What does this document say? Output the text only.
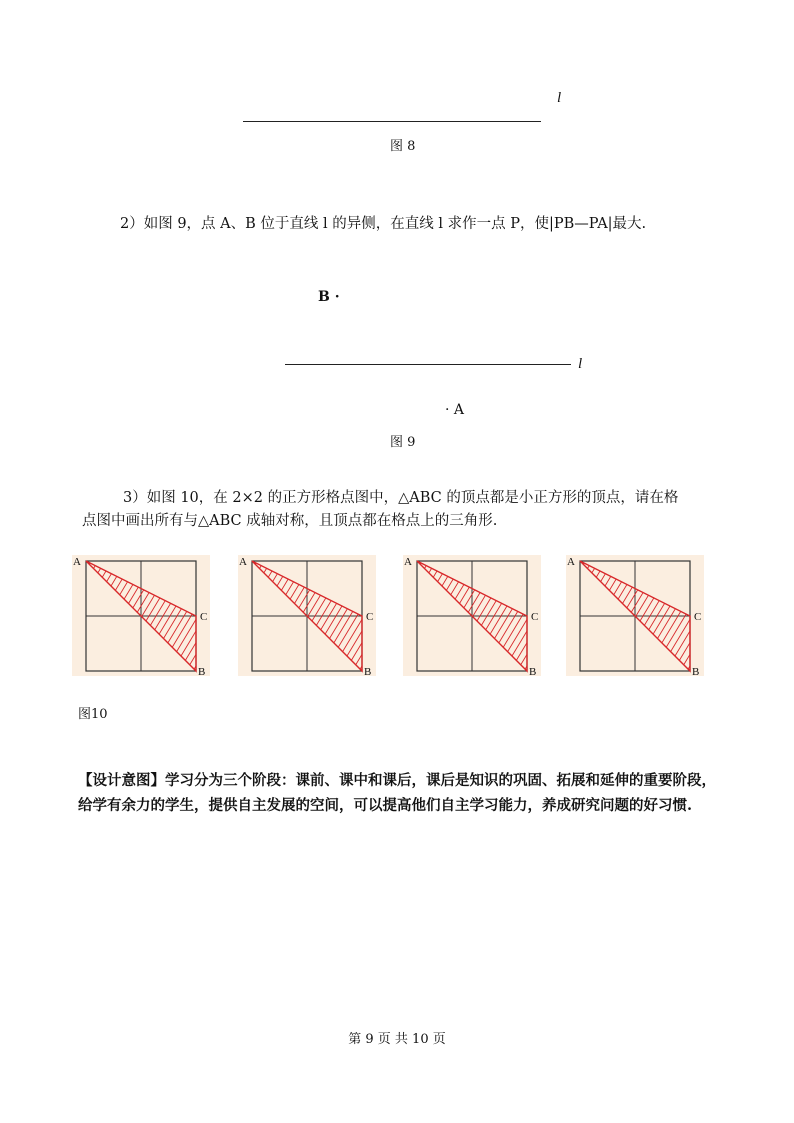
l
图 8
2）如图 9，点 A、B 位于直线 l 的异侧，在直线 l 求作一点 P，使|PB—PA|最大.
B ·
l
· A
图 9
3）如图 10，在 2×2 的正方形格点图中，△ABC 的顶点都是小正方形的顶点，请在格
点图中画出所有与△ABC 成轴对称，且顶点都在格点上的三角形.
A
C
B
A
C
B
A
C
B
A
C
B
图10
【设计意图】学习分为三个阶段：课前、课中和课后，课后是知识的巩固、拓展和延伸的重要阶段，给学有余力的学生，提供自主发展的空间，可以提高他们自主学习能力，养成研究问题的好习惯.
第 9 页 共 10 页
